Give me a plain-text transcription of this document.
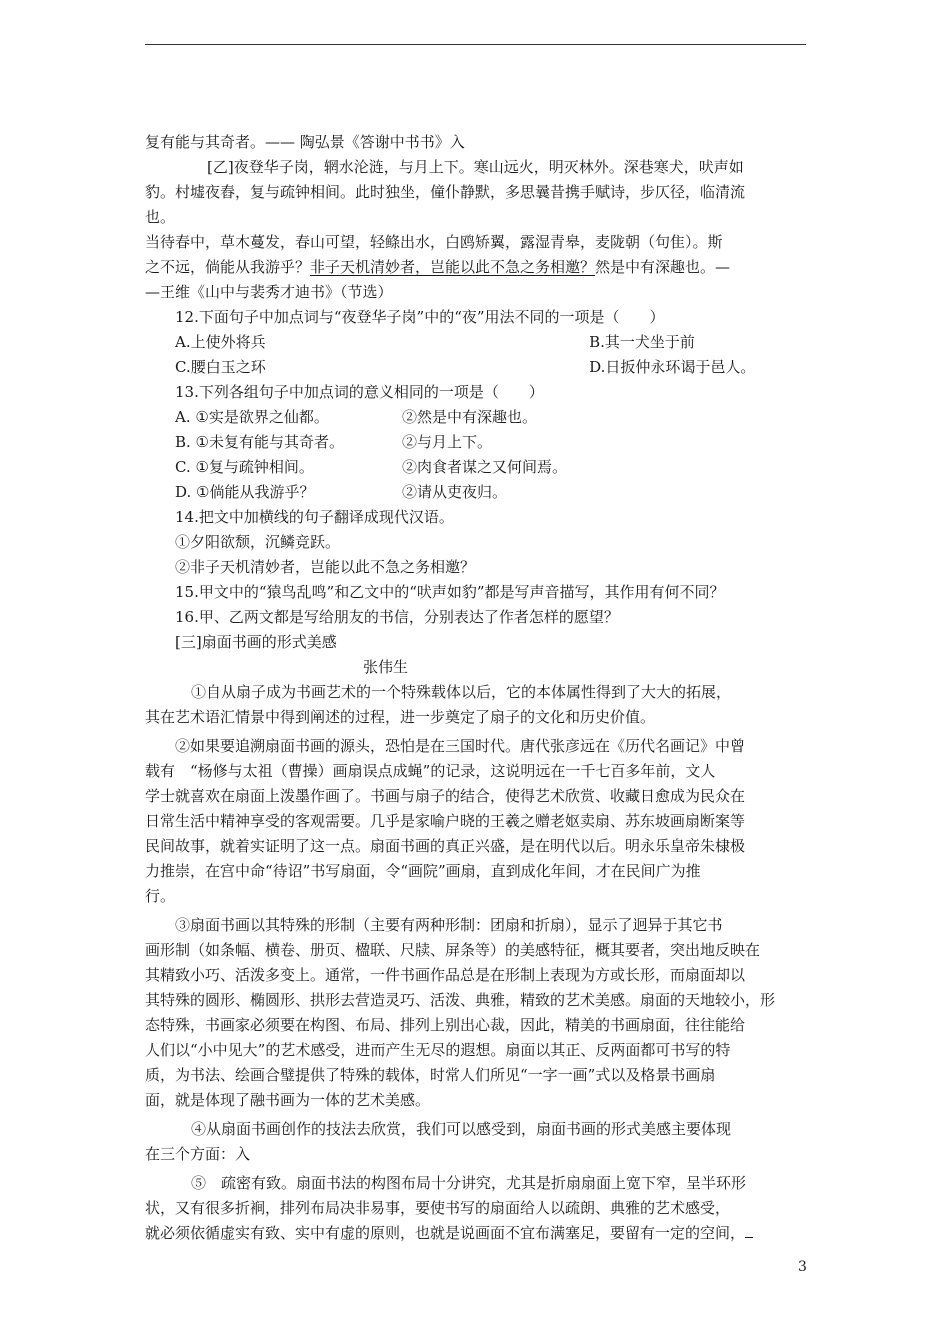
复有能与其奇者。—— 陶弘景《答谢中书书》入

[乙]夜登华子岗，辋水沦涟，与月上下。寒山远火，明灭林外。深巷寒犬，吠声如

豹。村墟夜舂，复与疏钟相间。此时独坐，僮仆静默，多思曩昔携手赋诗，步仄径，临清流

也。

当待春中，草木蔓发，春山可望，轻鲦出水，白鸥矫翼，露湿青皋，麦陇朝（句隹）。斯

之不远，倘能从我游乎？非子天机清妙者，岂能以此不急之务相邀？然是中有深趣也。—

—王维《山中与裴秀才迪书》（节选）

12.下面句子中加点词与“夜登华子岗”中的“夜”用法不同的一项是（　　）

A.上使外将兵	B.其一犬坐于前
C.腰白玉之环	D.日扳仲永环谒于邑人。

13.下列各组句子中加点词的意义相同的一项是（　　）

A. ①实是欲界之仙都。	②然是中有深趣也。
B. ①未复有能与其奇者。	②与月上下。
C. ①复与疏钟相间。	②肉食者谋之又何间焉。
D. ①倘能从我游乎？	②请从吏夜归。

14.把文中加横线的句子翻译成现代汉语。

①夕阳欲颓，沉鳞竞跃。

②非子天机清妙者，岂能以此不急之务相邀？

15.甲文中的“猿鸟乱鸣”和乙文中的“吠声如豹”都是写声音描写，其作用有何不同？

16.甲、乙两文都是写给朋友的书信，分别表达了作者怎样的愿望？

[三]扇面书画的形式美感

张伟生

①自从扇子成为书画艺术的一个特殊载体以后，它的本体属性得到了大大的拓展，

其在艺术语汇情景中得到阐述的过程，进一步奠定了扇子的文化和历史价值。

②如果要追溯扇面书画的源头，恐怕是在三国时代。唐代张彦远在《历代名画记》中曾

载有　“杨修与太祖（曹操）画扇误点成蝇”的记录，这说明远在一千七百多年前，文人

学士就喜欢在扇面上泼墨作画了。书画与扇子的结合，使得艺术欣赏、收藏日愈成为民众在

日常生活中精神享受的客观需要。几乎是家喻户晓的王羲之赠老妪卖扇、苏东坡画扇断案等

民间故事，就着实证明了这一点。扇面书画的真正兴盛，是在明代以后。明永乐皇帝朱棣极

力推崇，在宫中命“待诏”书写扇面，令“画院”画扇，直到成化年间，才在民间广为推

行。

③扇面书画以其特殊的形制（主要有两种形制：团扇和折扇），显示了迥异于其它书

画形制（如条幅、横卷、册页、楹联、尺牍、屏条等）的美感特征，概其要者，突出地反映在

其精致小巧、活泼多变上。通常，一件书画作品总是在形制上表现为方或长形，而扇面却以

其特殊的圆形、椭圆形、拱形去营造灵巧、活泼、典雅，精致的艺术美感。扇面的天地较小，形

态特殊，书画家必须要在构图、布局、排列上别出心裁，因此，精美的书画扇面，往往能给

人们以“小中见大”的艺术感受，进而产生无尽的遐想。扇面以其正、反两面都可书写的特

质，为书法、绘画合璧提供了特殊的载体，时常人们所见“一字一画”式以及格景书画扇

面，就是体现了融书画为一体的艺术美感。

④从扇面书画创作的技法去欣赏，我们可以感受到，扇面书画的形式美感主要体现

在三个方面：入

⑤　疏密有致。扇面书法的构图布局十分讲究，尤其是折扇扇面上宽下窄，呈半环形

状，又有很多折裥，排列布局决非易事，要使书写的扇面给人以疏朗、典雅的艺术感受，

就必须依循虚实有致、实中有虚的原则，也就是说画面不宜布满塞足，要留有一定的空间，

3
